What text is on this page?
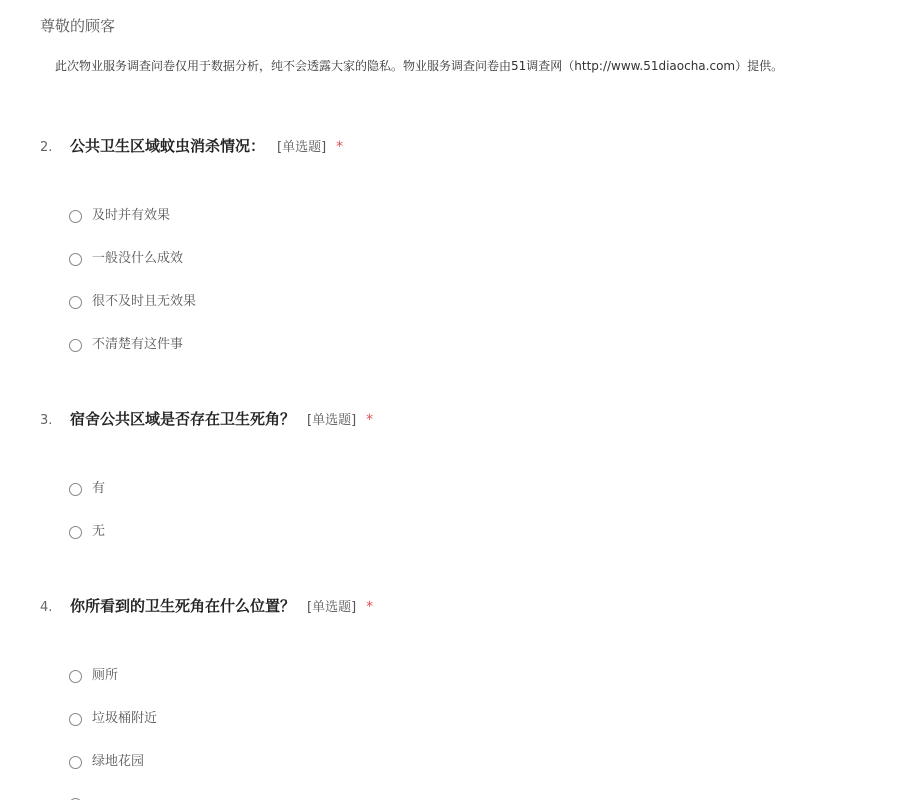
尊敬的顾客
此次物业服务调查问卷仅用于数据分析，纯不会透露大家的隐私。物业服务调查问卷由51调查网（http://www.51diaocha.com）提供。
2.	公共卫生区域蚊虫消杀情况： [单选题] *
及时并有效果
一般没什么成效
很不及时且无效果
不清楚有这件事
3.	宿舍公共区域是否存在卫生死角？ [单选题] *
有
无
4.	你所看到的卫生死角在什么位置？ [单选题] *
厕所
垃圾桶附近
绿地花园
